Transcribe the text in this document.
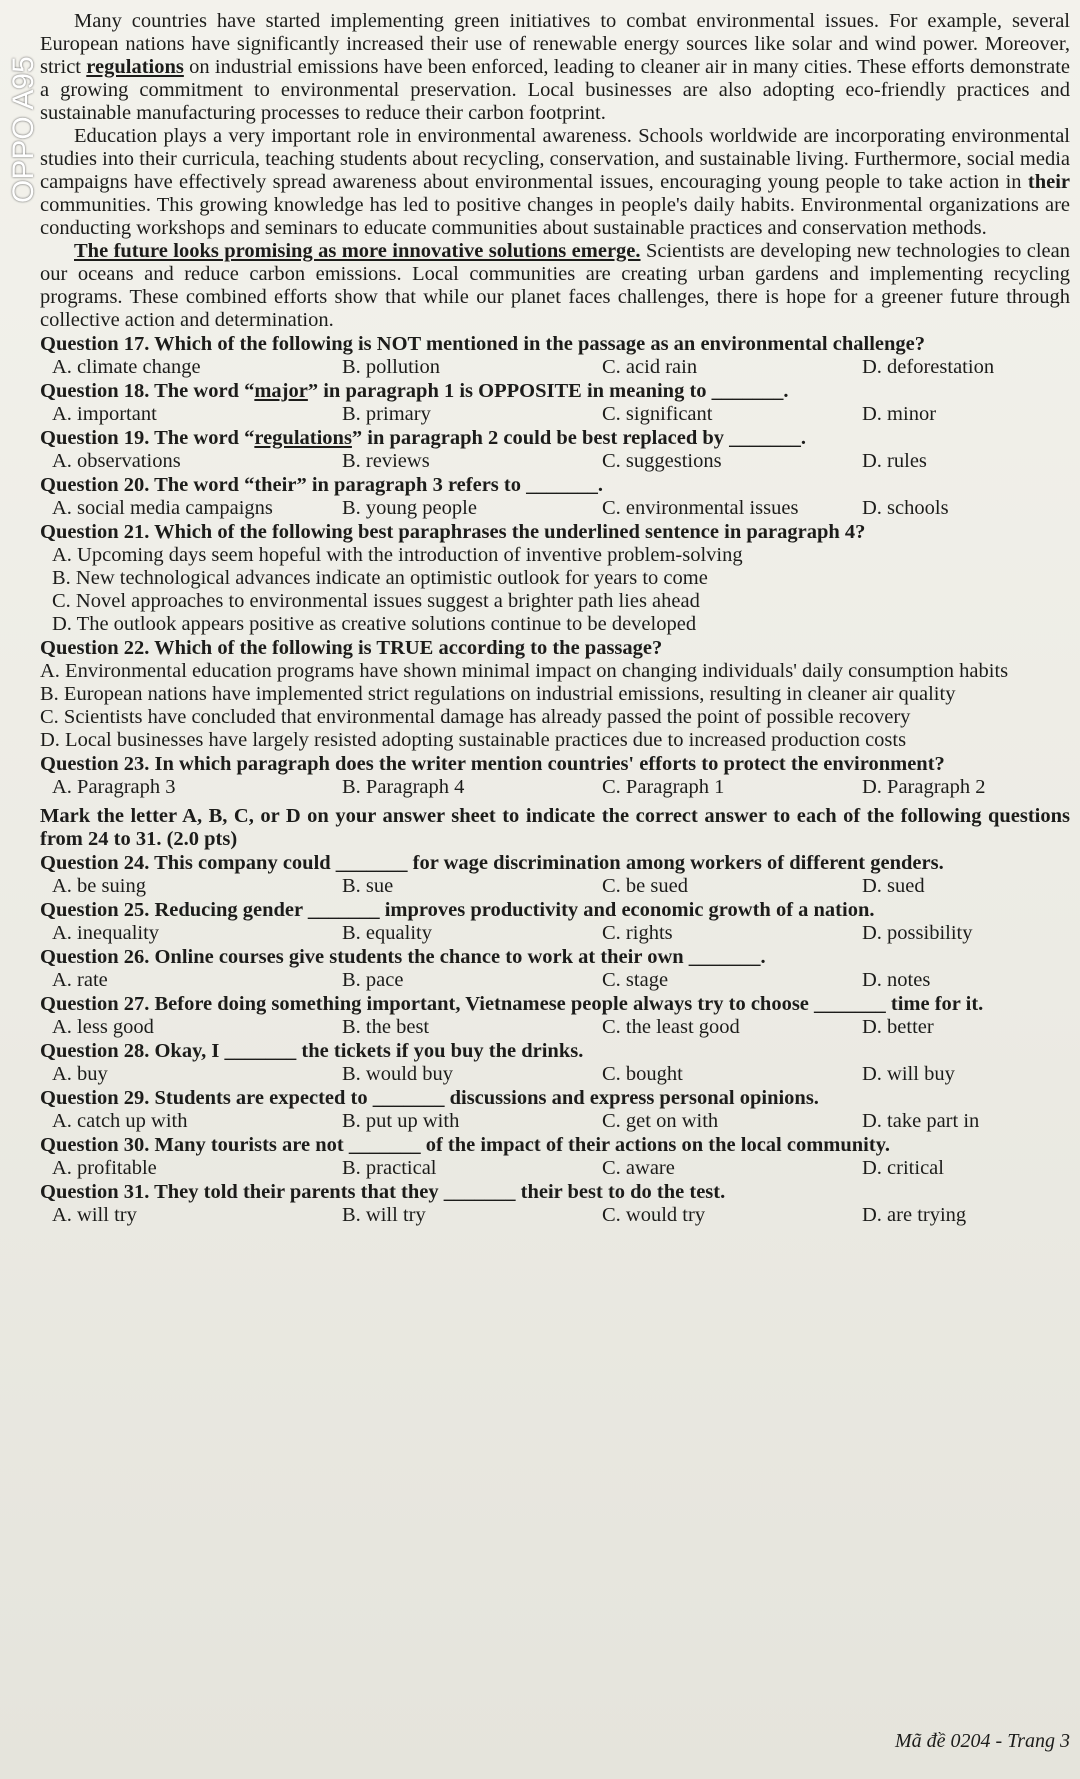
OPPO A95

Many countries have started implementing green initiatives to combat environmental issues. For example, several European nations have significantly increased their use of renewable energy sources like solar and wind power. Moreover, strict regulations on industrial emissions have been enforced, leading to cleaner air in many cities. These efforts demonstrate a growing commitment to environmental preservation. Local businesses are also adopting eco-friendly practices and sustainable manufacturing processes to reduce their carbon footprint.

Education plays a very important role in environmental awareness. Schools worldwide are incorporating environmental studies into their curricula, teaching students about recycling, conservation, and sustainable living. Furthermore, social media campaigns have effectively spread awareness about environmental issues, encouraging young people to take action in their communities. This growing knowledge has led to positive changes in people's daily habits. Environmental organizations are conducting workshops and seminars to educate communities about sustainable practices and conservation methods.

The future looks promising as more innovative solutions emerge. Scientists are developing new technologies to clean our oceans and reduce carbon emissions. Local communities are creating urban gardens and implementing recycling programs. These combined efforts show that while our planet faces challenges, there is hope for a greener future through collective action and determination.

Question 17. Which of the following is NOT mentioned in the passage as an environmental challenge?

A. climate change	B. pollution	C. acid rain	D. deforestation

Question 18. The word “major” in paragraph 1 is OPPOSITE in meaning to _______.

A. important	B. primary	C. significant	D. minor

Question 19. The word “regulations” in paragraph 2 could be best replaced by _______.

A. observations	B. reviews	C. suggestions	D. rules

Question 20. The word “their” in paragraph 3 refers to _______.

A. social media campaigns	B. young people	C. environmental issues	D. schools

Question 21. Which of the following best paraphrases the underlined sentence in paragraph 4?

A. Upcoming days seem hopeful with the introduction of inventive problem-solving

B. New technological advances indicate an optimistic outlook for years to come

C. Novel approaches to environmental issues suggest a brighter path lies ahead

D. The outlook appears positive as creative solutions continue to be developed

Question 22. Which of the following is TRUE according to the passage?

A. Environmental education programs have shown minimal impact on changing individuals' daily consumption habits

B. European nations have implemented strict regulations on industrial emissions, resulting in cleaner air quality

C. Scientists have concluded that environmental damage has already passed the point of possible recovery

D. Local businesses have largely resisted adopting sustainable practices due to increased production costs

Question 23. In which paragraph does the writer mention countries' efforts to protect the environment?

A. Paragraph 3	B. Paragraph 4	C. Paragraph 1	D. Paragraph 2

Mark the letter A, B, C, or D on your answer sheet to indicate the correct answer to each of the following questions from 24 to 31. (2.0 pts)

Question 24. This company could _______ for wage discrimination among workers of different genders.

A. be suing	B. sue	C. be sued	D. sued

Question 25. Reducing gender _______ improves productivity and economic growth of a nation.

A. inequality	B. equality	C. rights	D. possibility

Question 26. Online courses give students the chance to work at their own _______.

A. rate	B. pace	C. stage	D. notes

Question 27. Before doing something important, Vietnamese people always try to choose _______ time for it.

A. less good	B. the best	C. the least good	D. better

Question 28. Okay, I _______ the tickets if you buy the drinks.

A. buy	B. would buy	C. bought	D. will buy

Question 29. Students are expected to _______ discussions and express personal opinions.

A. catch up with	B. put up with	C. get on with	D. take part in

Question 30. Many tourists are not _______ of the impact of their actions on the local community.

A. profitable	B. practical	C. aware	D. critical

Question 31. They told their parents that they _______ their best to do the test.

A. will try	B. will try	C. would try	D. are trying
Mã đề 0204 - Trang 3
